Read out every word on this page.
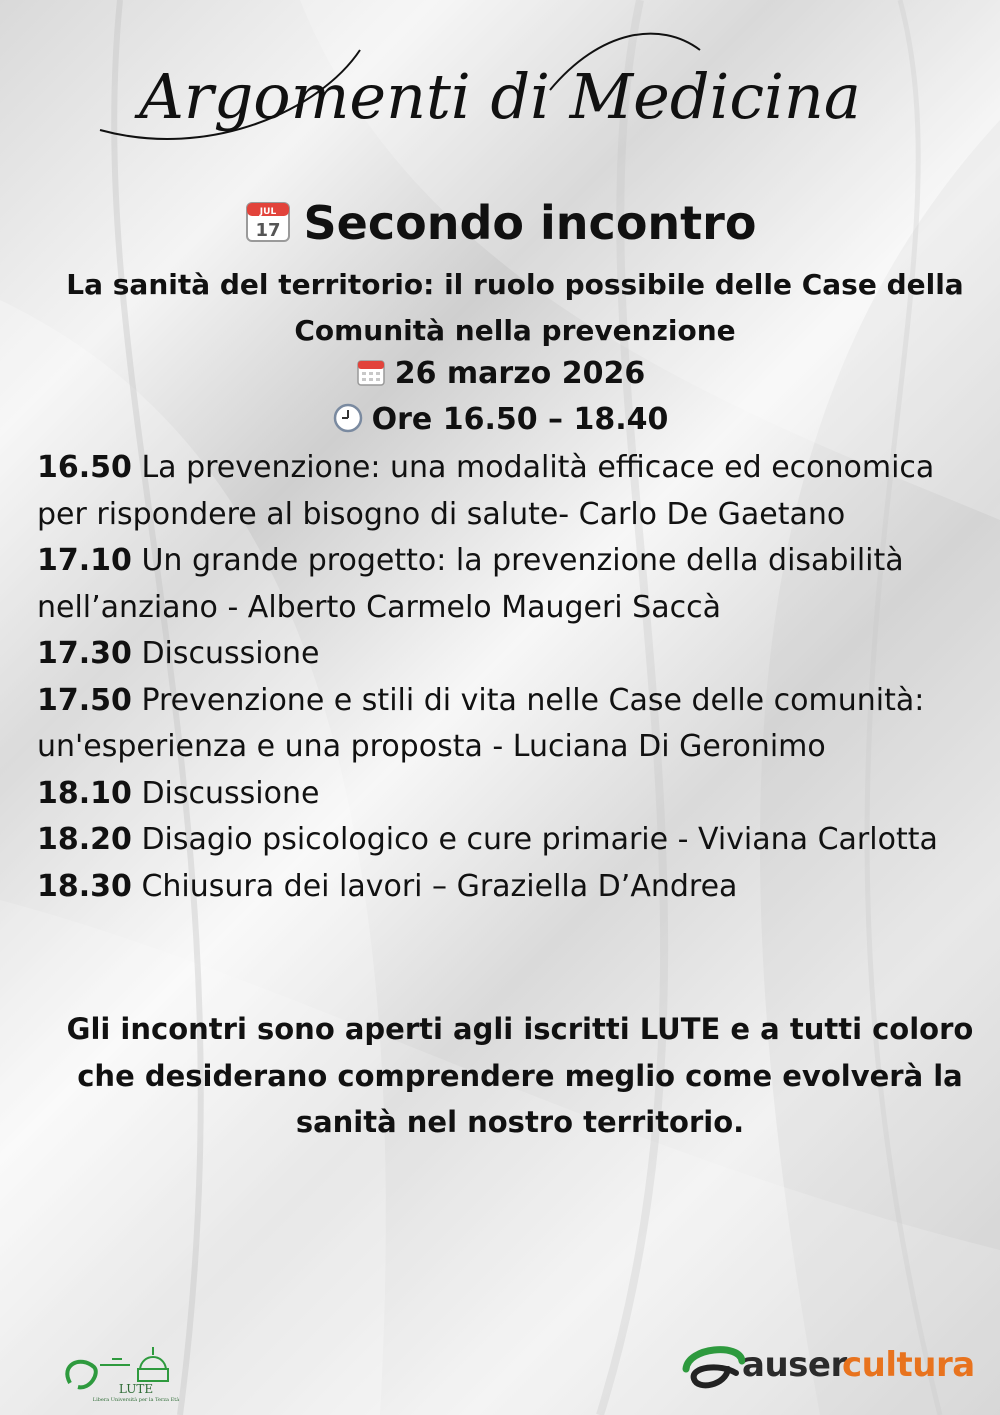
Argomenti di Medicina
JUL
17 Secondo incontro
La sanità del territorio: il ruolo possibile delle Case della
Comunità nella prevenzione
26 marzo 2026
Ore 16.50 – 18.40

16.50 La prevenzione: una modalità efficace ed economica

per rispondere al bisogno di salute- Carlo De Gaetano

17.10 Un grande progetto: la prevenzione della disabilità

nell’anziano - Alberto Carmelo Maugeri Saccà

17.30 Discussione

17.50 Prevenzione e stili di vita nelle Case delle comunità:

un'esperienza e una proposta - Luciana Di Geronimo

18.10 Discussione

18.20 Disagio psicologico e cure primarie - Viviana Carlotta

18.30 Chiusura dei lavori – Graziella D’Andrea

Gli incontri sono aperti agli iscritti LUTE e a tutti coloro
che desiderano comprendere meglio come evolverà la
sanità nel nostro territorio.
LUTE
Libera Università per la Terza Età
auser
cultura
